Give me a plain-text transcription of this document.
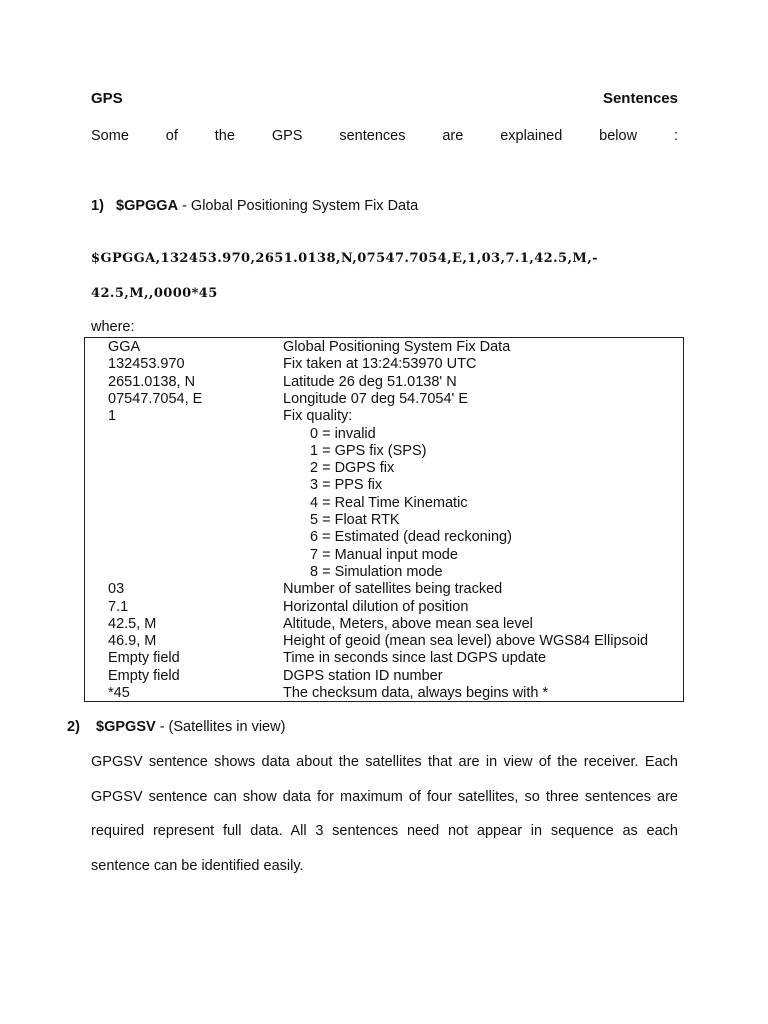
GPS	Sentences
Some	of	the	GPS	sentences	are	explained	below	:
1) $GPGGA - Global Positioning System Fix Data
$GPGGA,132453.970,2651.0138,N,07547.7054,E,1,03,7.1,42.5,M,-
42.5,M,,0000*45
where:
GGA	Global Positioning System Fix Data
132453.970	Fix taken at 13:24:53970 UTC
2651.0138, N	Latitude 26 deg 51.0138' N
07547.7054, E	Longitude 07 deg 54.7054' E
1	Fix quality:
0 = invalid
1 = GPS fix (SPS)
2 = DGPS fix
3 = PPS fix
4 = Real Time Kinematic
5 = Float RTK
6 = Estimated (dead reckoning)
7 = Manual input mode
8 = Simulation mode
03	Number of satellites being tracked
7.1	Horizontal dilution of position
42.5, M	Altitude, Meters, above mean sea level
46.9, M	Height of geoid (mean sea level) above WGS84 Ellipsoid
Empty field	Time in seconds since last DGPS update
Empty field	DGPS station ID number
*45	The checksum data, always begins with *
2) $GPGSV - (Satellites in view)
GPGSV sentence shows data about the satellites that are in view of the receiver. Each
GPGSV sentence can show data for maximum of four satellites, so three sentences are
required represent full data. All 3 sentences need not appear in sequence as each
sentence can be identified easily.
